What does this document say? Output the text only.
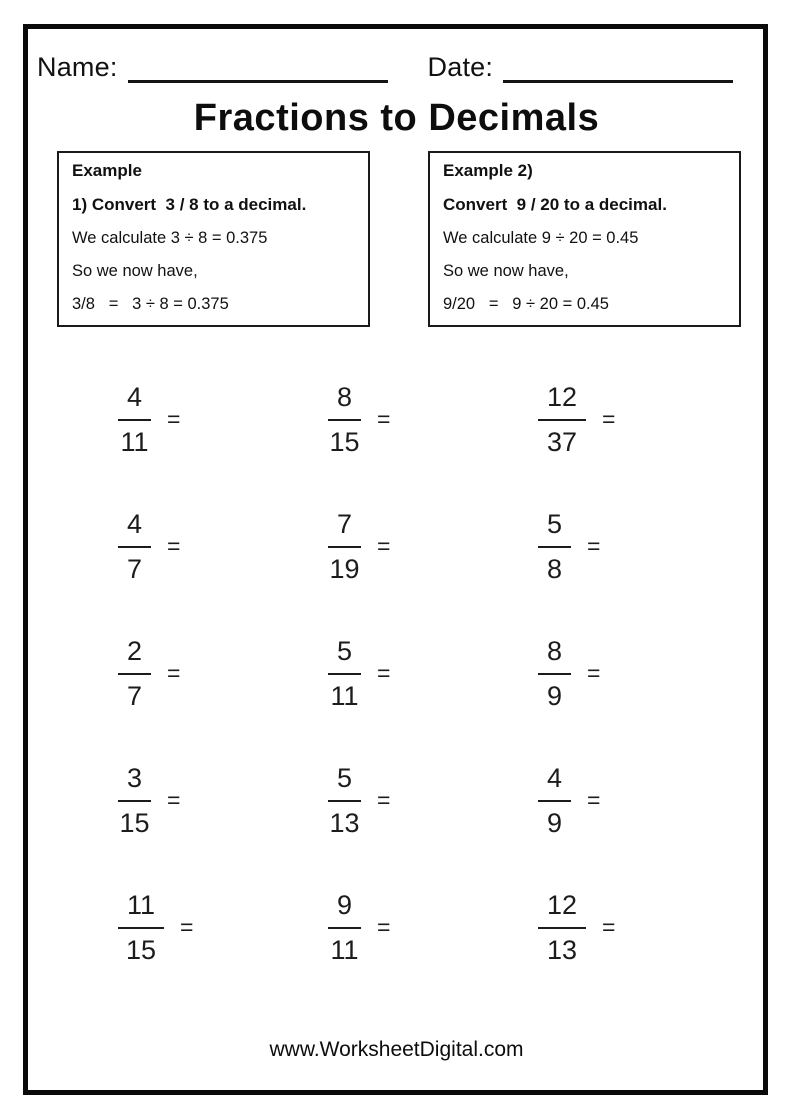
Name:	Date:
Fractions to Decimals
Example
1) Convert  3 / 8 to a decimal.
We calculate 3 ÷ 8 = 0.375
So we now have,
3/8   =   3 ÷ 8 = 0.375
Example 2)
Convert  9 / 20 to a decimal.
We calculate 9 ÷ 20 = 0.45
So we now have,
9/20   =   9 ÷ 20 = 0.45
$\frac{4}{11}$ =	$\frac{8}{15}$ =	$\frac{12}{37}$ =
$\frac{4}{7}$ =	$\frac{7}{19}$ =	$\frac{5}{8}$ =
$\frac{2}{7}$ =	$\frac{5}{11}$ =	$\frac{8}{9}$ =
$\frac{3}{15}$ =	$\frac{5}{13}$ =	$\frac{4}{9}$ =
$\frac{11}{15}$ =	$\frac{9}{11}$ =	$\frac{12}{13}$ =
www.WorksheetDigital.com
